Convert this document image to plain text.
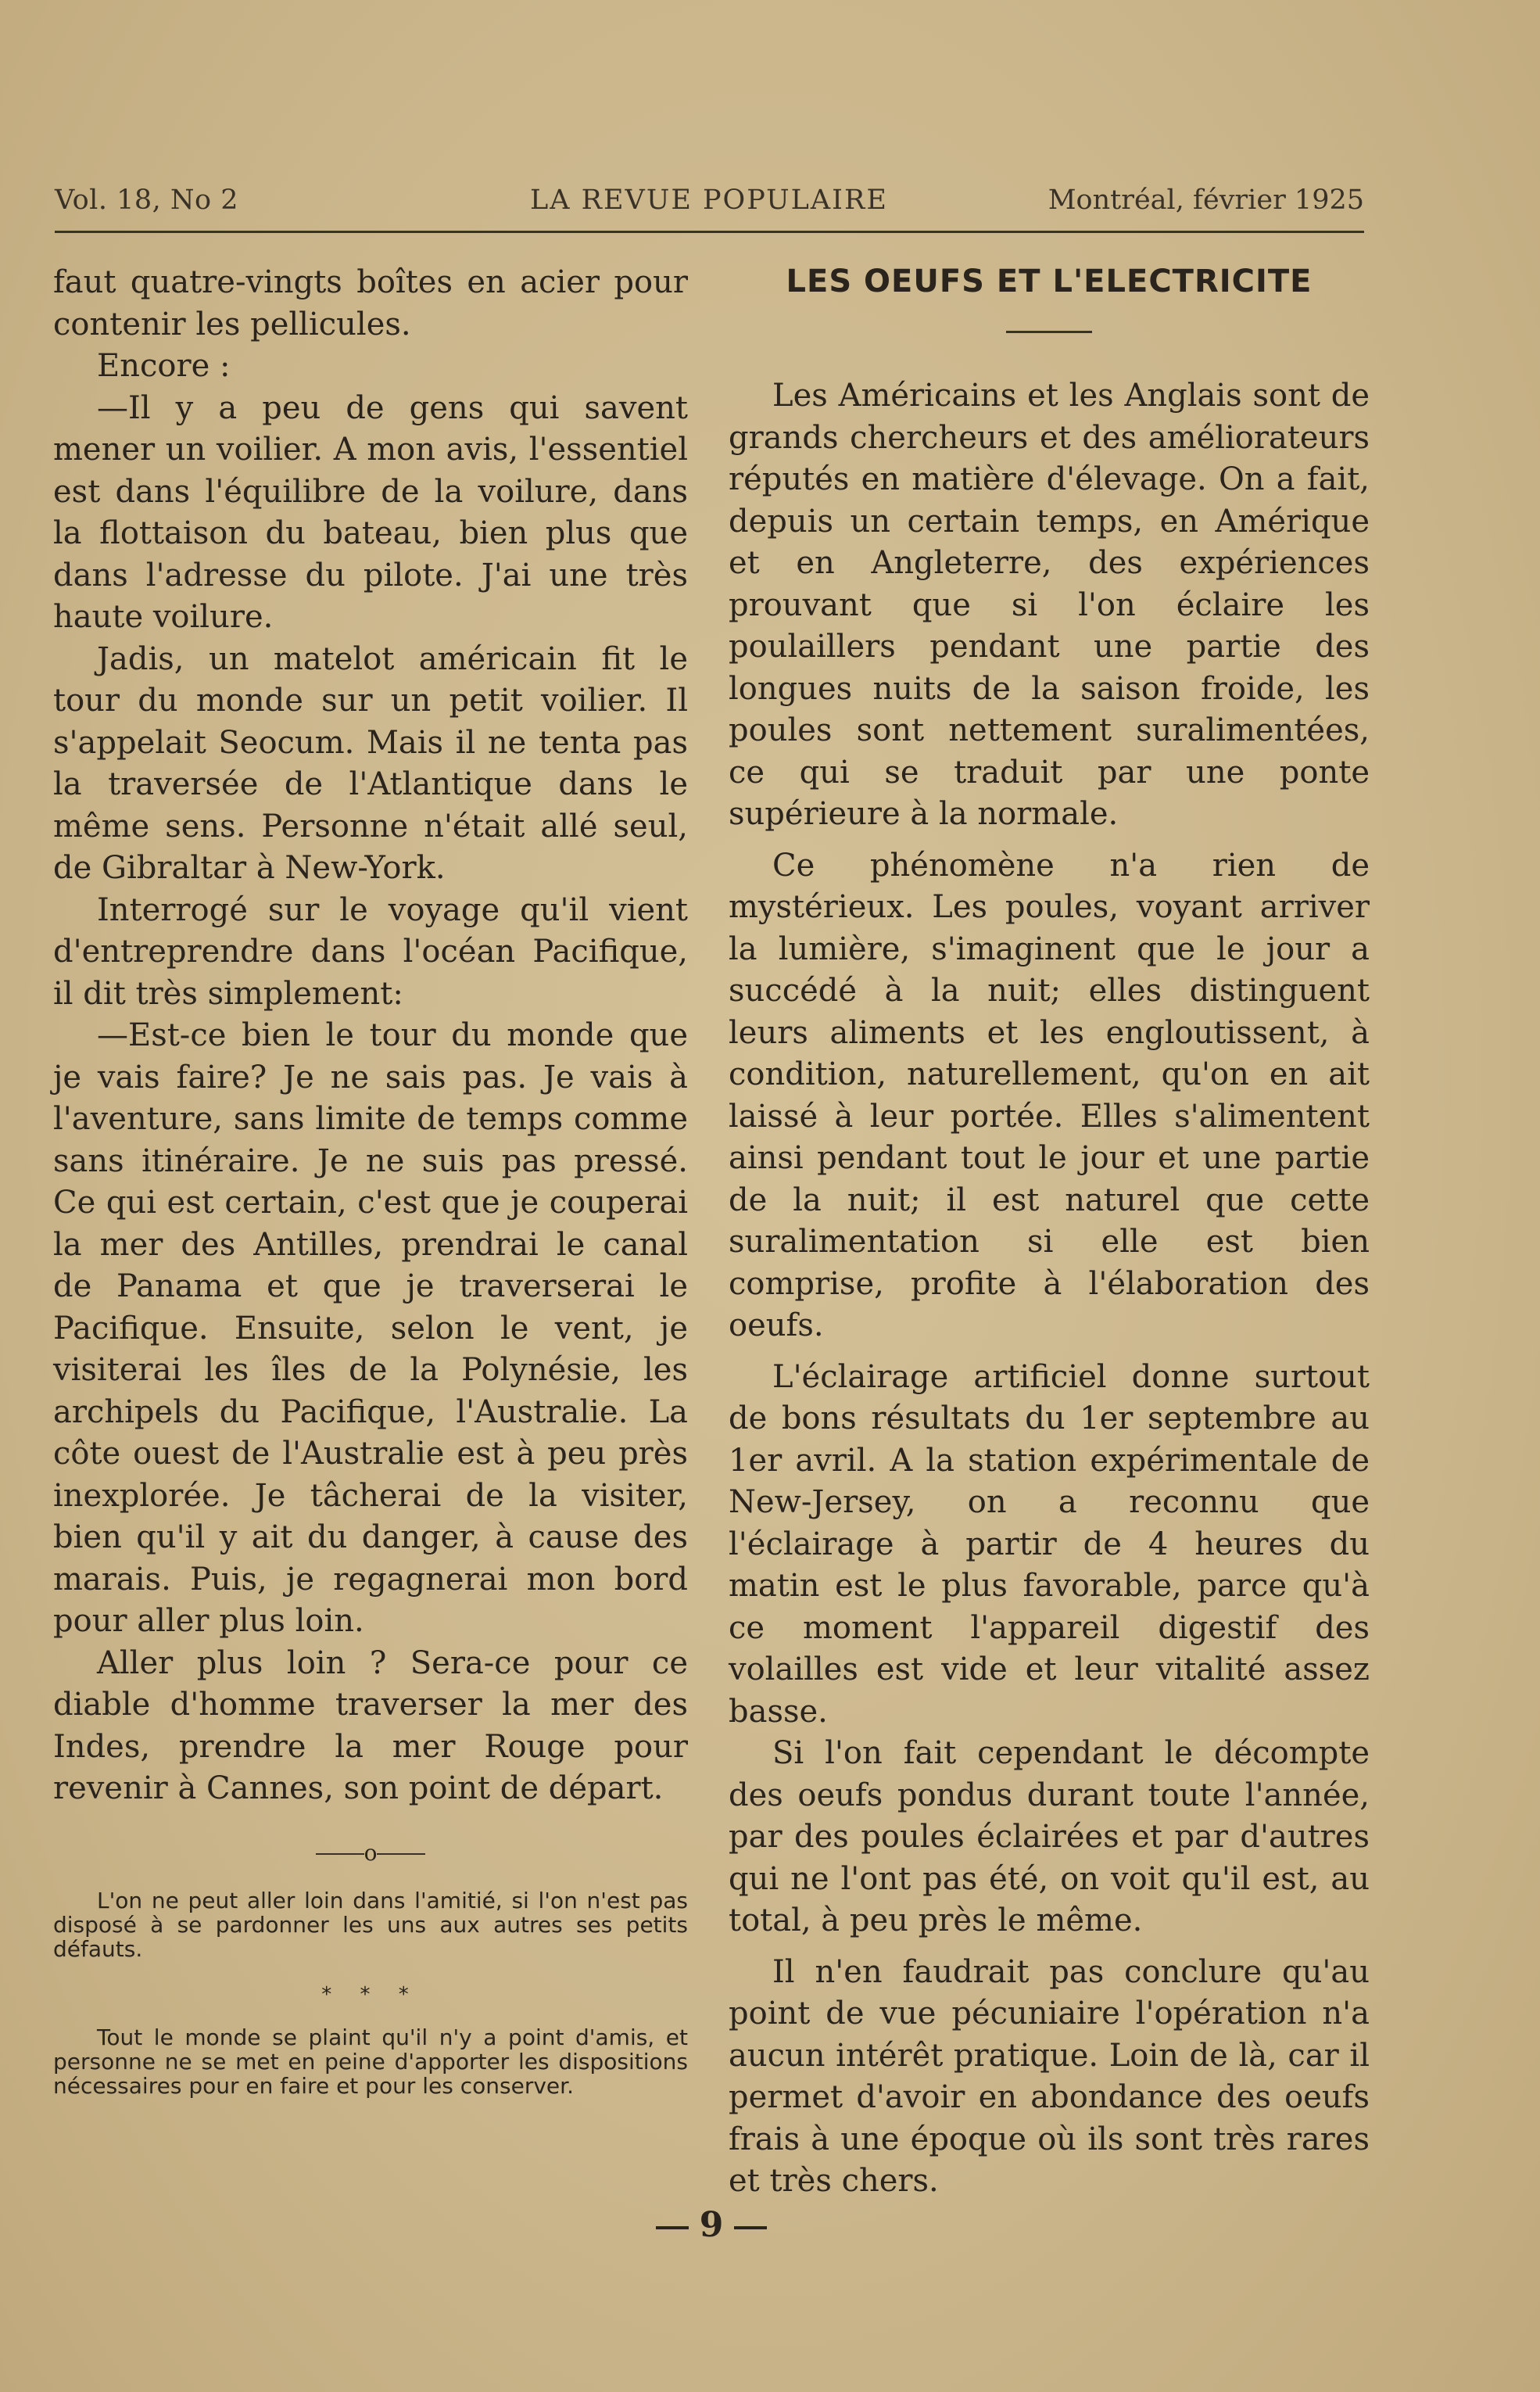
Vol. 18, No 2	LA REVUE POPULAIRE	Montréal, février 1925

faut quatre-vingts boîtes en acier pour contenir les pellicules.

Encore :

—Il y a peu de gens qui savent mener un voilier. A mon avis, l'essentiel est dans l'équilibre de la voilure, dans la flottaison du bateau, bien plus que dans l'adresse du pilote. J'ai une très haute voilure.

Jadis, un matelot américain fit le tour du monde sur un petit voilier. Il s'appelait Seocum. Mais il ne tenta pas la traversée de l'Atlantique dans le même sens. Personne n'était allé seul, de Gibraltar à New-York.

Interrogé sur le voyage qu'il vient d'entreprendre dans l'océan Pacifique, il dit très simplement:

—Est-ce bien le tour du monde que je vais faire? Je ne sais pas. Je vais à l'aventure, sans limite de temps comme sans itinéraire. Je ne suis pas pressé. Ce qui est certain, c'est que je couperai la mer des Antilles, prendrai le canal de Panama et que je traverserai le Pacifique. Ensuite, selon le vent, je visiterai les îles de la Polynésie, les archipels du Pacifique, l'Australie. La côte ouest de l'Australie est à peu près inexplorée. Je tâcherai de la visiter, bien qu'il y ait du danger, à cause des marais. Puis, je regagnerai mon bord pour aller plus loin.

Aller plus loin ? Sera-ce pour ce diable d'homme traverser la mer des Indes, prendre la mer Rouge pour revenir à Cannes, son point de départ.

o

L'on ne peut aller loin dans l'amitié, si l'on n'est pas disposé à se pardonner les uns aux autres ses petits défauts.

* * *

Tout le monde se plaint qu'il n'y a point d'amis, et personne ne se met en peine d'apporter les dispositions nécessaires pour en faire et pour les conserver.

LES OEUFS ET L'ELECTRICITE

Les Américains et les Anglais sont de grands chercheurs et des améliorateurs réputés en matière d'élevage. On a fait, depuis un certain temps, en Amérique et en Angleterre, des expériences prouvant que si l'on éclaire les poulaillers pendant une partie des longues nuits de la saison froide, les poules sont nettement suralimentées, ce qui se traduit par une ponte supérieure à la normale.

Ce phénomène n'a rien de mystérieux. Les poules, voyant arriver la lumière, s'imaginent que le jour a succédé à la nuit; elles distinguent leurs aliments et les engloutissent, à condition, naturellement, qu'on en ait laissé à leur portée. Elles s'alimentent ainsi pendant tout le jour et une partie de la nuit; il est naturel que cette suralimentation si elle est bien comprise, profite à l'élaboration des oeufs.

L'éclairage artificiel donne surtout de bons résultats du 1er septembre au 1er avril. A la station expérimentale de New-Jersey, on a reconnu que l'éclairage à partir de 4 heures du matin est le plus favorable, parce qu'à ce moment l'appareil digestif des volailles est vide et leur vitalité assez basse.

Si l'on fait cependant le décompte des oeufs pondus durant toute l'année, par des poules éclairées et par d'autres qui ne l'ont pas été, on voit qu'il est, au total, à peu près le même.

Il n'en faudrait pas conclure qu'au point de vue pécuniaire l'opération n'a aucun intérêt pratique. Loin de là, car il permet d'avoir en abondance des oeufs frais à une époque où ils sont très rares et très chers.

9
